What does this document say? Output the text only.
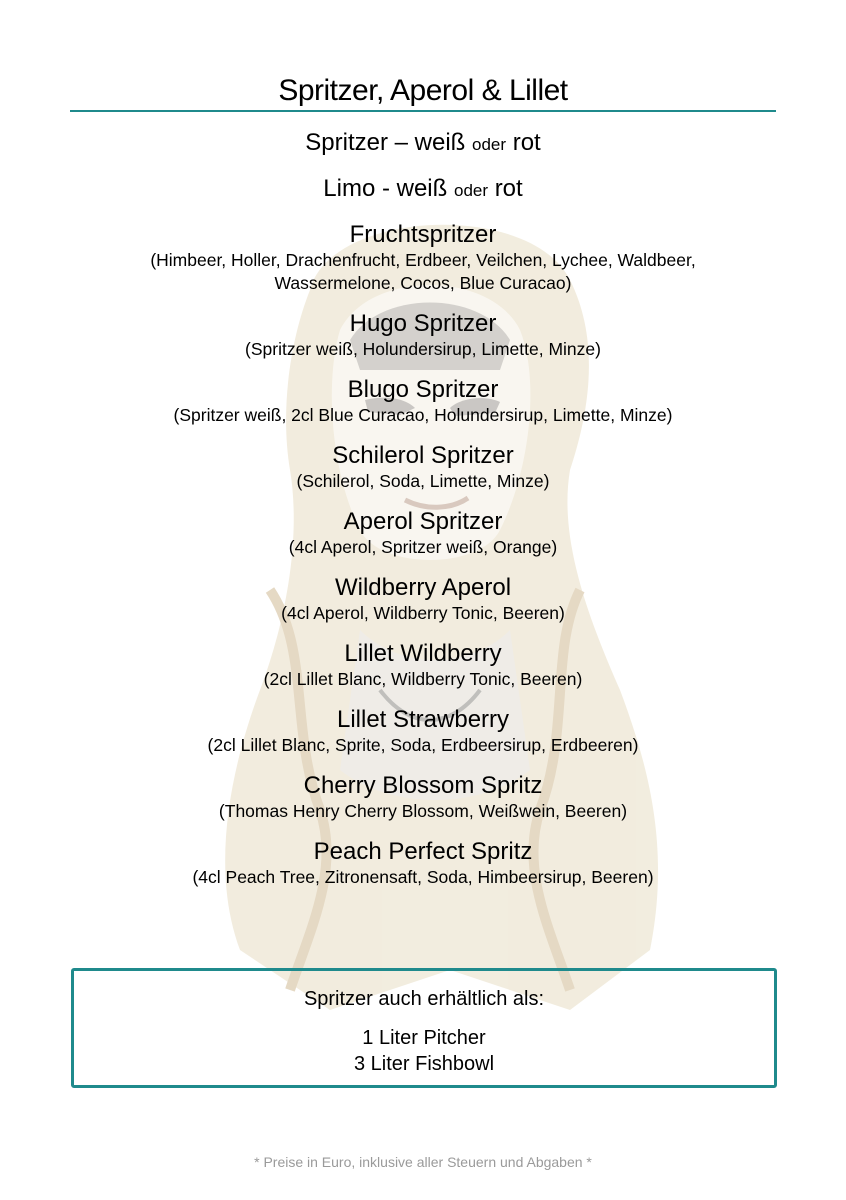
Spritzer, Aperol & Lillet
Spritzer – weiß oder rot
Limo - weiß oder rot
Fruchtspritzer
(Himbeer, Holler, Drachenfrucht, Erdbeer, Veilchen, Lychee, Waldbeer,
Wassermelone, Cocos, Blue Curacao)
Hugo Spritzer
(Spritzer weiß, Holundersirup, Limette, Minze)
Blugo Spritzer
(Spritzer weiß, 2cl Blue Curacao, Holundersirup, Limette, Minze)
Schilerol Spritzer
(Schilerol, Soda, Limette, Minze)
Aperol Spritzer
(4cl Aperol, Spritzer weiß, Orange)
Wildberry Aperol
(4cl Aperol, Wildberry Tonic, Beeren)
Lillet Wildberry
(2cl Lillet Blanc, Wildberry Tonic, Beeren)
Lillet Strawberry
(2cl Lillet Blanc, Sprite, Soda, Erdbeersirup, Erdbeeren)
Cherry Blossom Spritz
(Thomas Henry Cherry Blossom, Weißwein, Beeren)
Peach Perfect Spritz
(4cl Peach Tree, Zitronensaft, Soda, Himbeersirup, Beeren)
Spritzer auch erhältlich als:
1 Liter Pitcher
3 Liter Fishbowl
* Preise in Euro, inklusive aller Steuern und Abgaben *
